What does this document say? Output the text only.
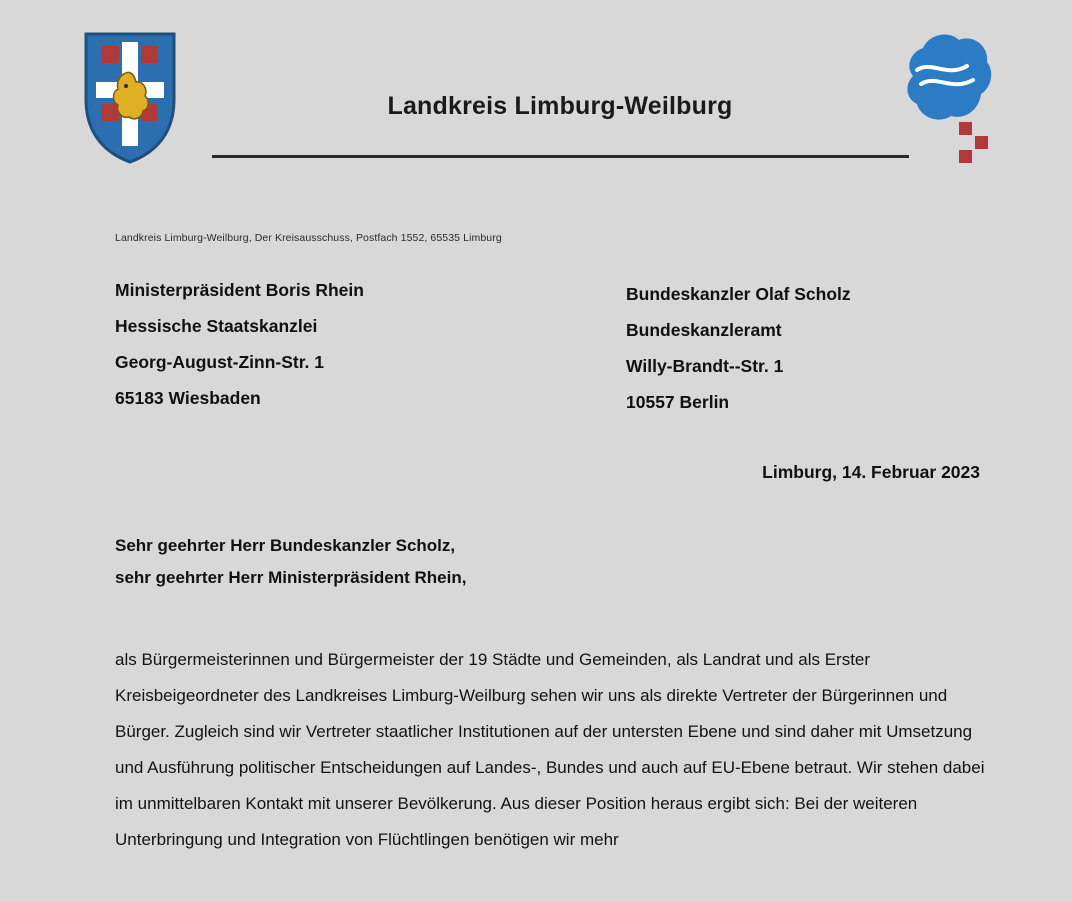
Landkreis Limburg-Weilburg
Landkreis Limburg-Weilburg, Der Kreisausschuss, Postfach 1552, 65535 Limburg
Ministerpräsident Boris Rhein
Hessische Staatskanzlei
Georg-August-Zinn-Str. 1
65183 Wiesbaden
Bundeskanzler Olaf Scholz
Bundeskanzleramt
Willy-Brandt--Str. 1
10557 Berlin
Limburg, 14. Februar 2023
Sehr geehrter Herr Bundeskanzler Scholz,
sehr geehrter Herr Ministerpräsident Rhein,

als Bürgermeisterinnen und Bürgermeister der 19 Städte und Gemeinden, als Landrat und als Erster Kreisbeigeordneter des Landkreises Limburg-Weilburg sehen wir uns als direkte Vertreter der Bürgerinnen und Bürger. Zugleich sind wir Vertreter staatlicher Institutionen auf der untersten Ebene und sind daher mit Umsetzung und Ausführung politischer Entscheidungen auf Landes-, Bundes und auch auf EU-Ebene betraut. Wir stehen dabei im unmittelbaren Kontakt mit unserer Bevölkerung. Aus dieser Position heraus ergibt sich: Bei der weiteren Unterbringung und Integration von Flüchtlingen benötigen wir mehr
